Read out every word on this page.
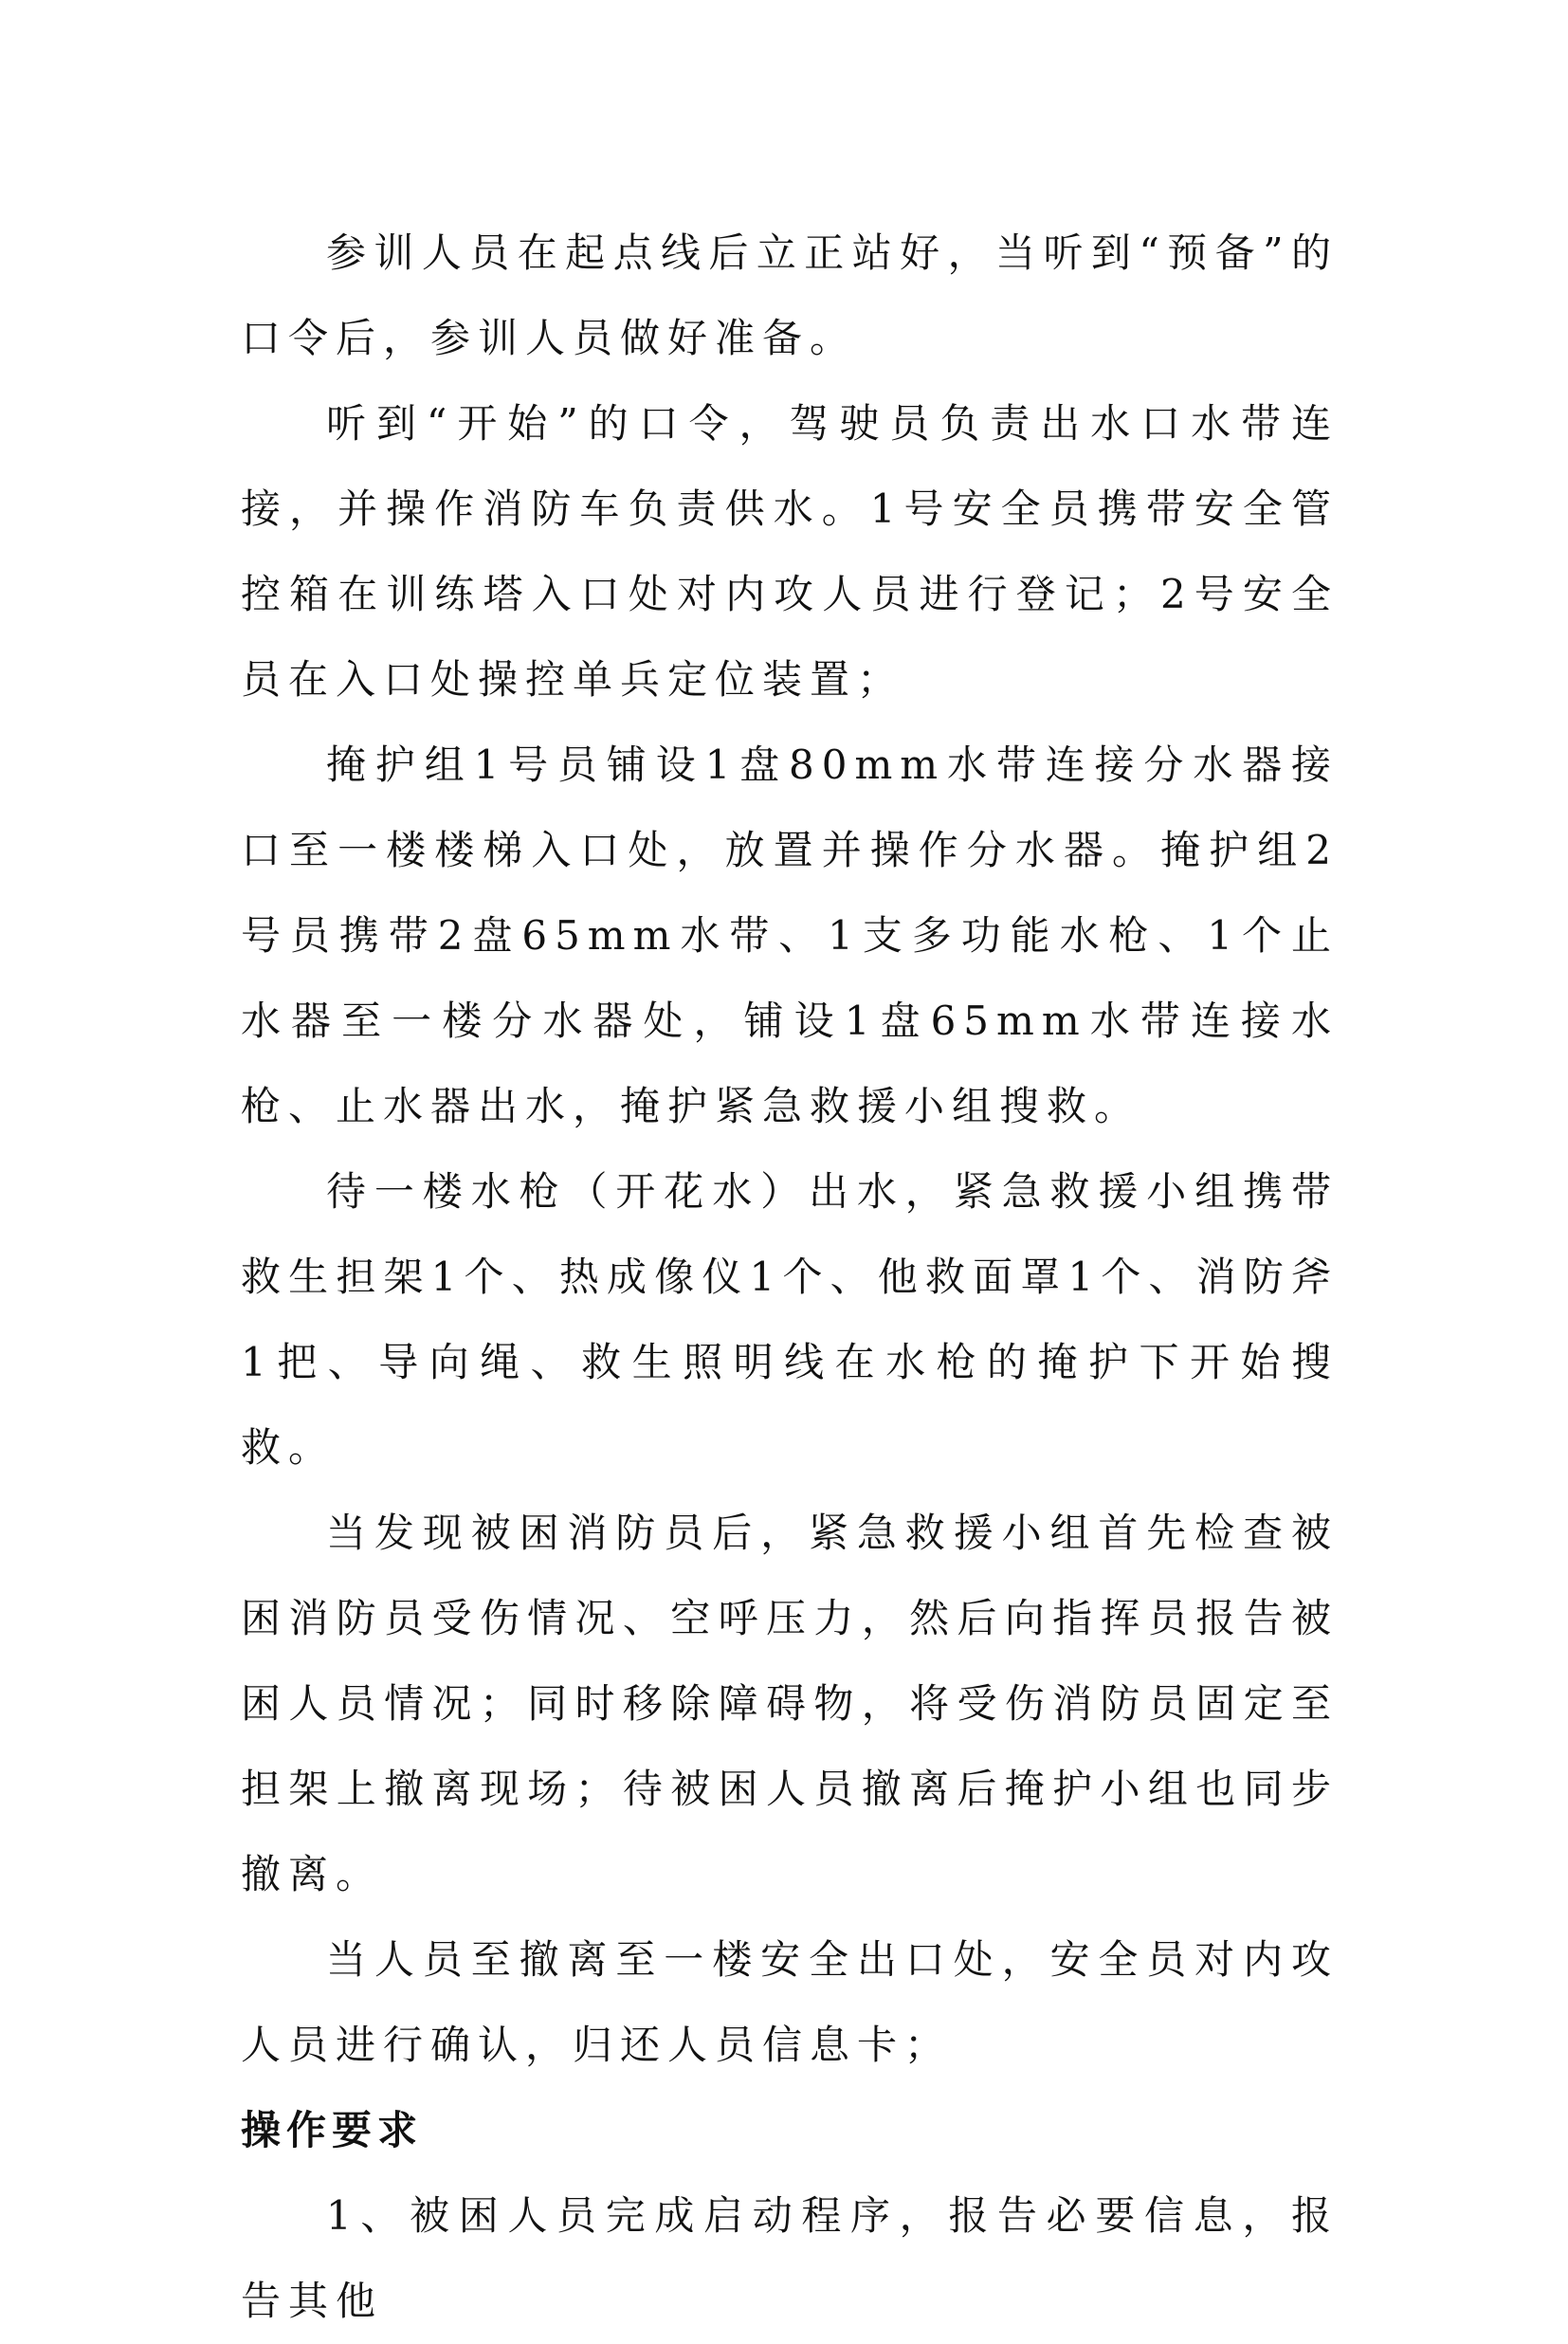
参训人员在起点线后立正站好，当听到“预备”的口令后，参训人员做好准备。

听到“开始”的口令，驾驶员负责出水口水带连接，并操作消防车负责供水。1号安全员携带安全管控箱在训练塔入口处对内攻人员进行登记；2号安全员在入口处操控单兵定位装置；

掩护组1号员铺设1盘80mm水带连接分水器接口至一楼楼梯入口处，放置并操作分水器。掩护组2号员携带2盘65mm水带、1支多功能水枪、1个止水器至一楼分水器处，铺设1盘65mm水带连接水枪、止水器出水，掩护紧急救援小组搜救。

待一楼水枪（开花水）出水，紧急救援小组携带救生担架1个、热成像仪1个、他救面罩1个、消防斧1把、导向绳、救生照明线在水枪的掩护下开始搜救。

当发现被困消防员后，紧急救援小组首先检查被困消防员受伤情况、空呼压力，然后向指挥员报告被困人员情况；同时移除障碍物，将受伤消防员固定至担架上撤离现场；待被困人员撤离后掩护小组也同步撤离。

当人员至撤离至一楼安全出口处，安全员对内攻人员进行确认，归还人员信息卡；

操作要求

1、被困人员完成启动程序，报告必要信息，报告其他
